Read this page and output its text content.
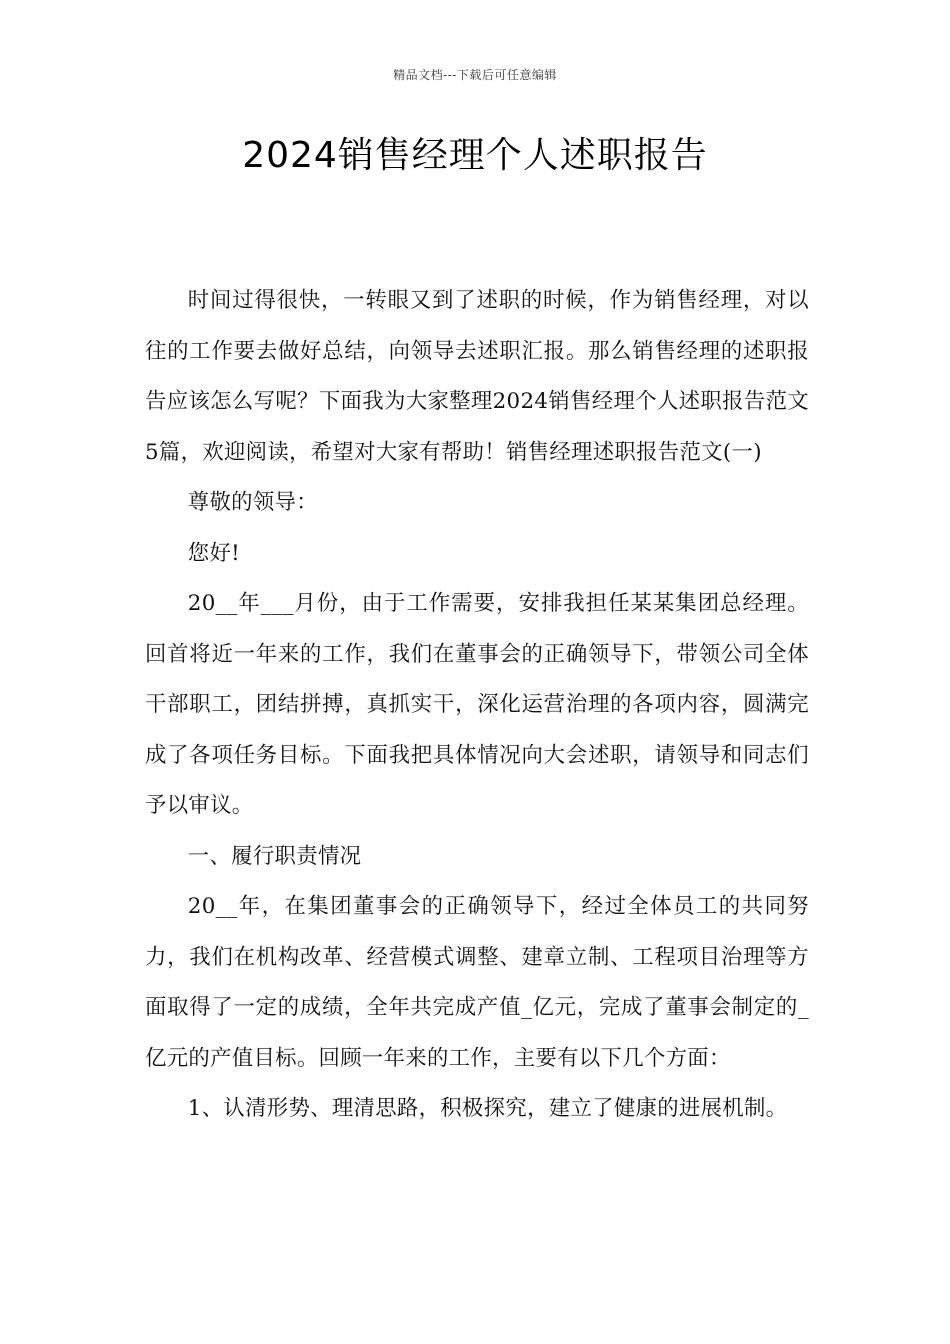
精品文档---下载后可任意编辑
2024销售经理个人述职报告

时间过得很快，一转眼又到了述职的时候，作为销售经理，对以往的工作要去做好总结，向领导去述职汇报。那么销售经理的述职报告应该怎么写呢？下面我为大家整理2024销售经理个人述职报告范文5篇，欢迎阅读，希望对大家有帮助！销售经理述职报告范文(一)

尊敬的领导：

您好!

20__年___月份，由于工作需要，安排我担任某某集团总经理。回首将近一年来的工作，我们在董事会的正确领导下，带领公司全体干部职工，团结拼搏，真抓实干，深化运营治理的各项内容，圆满完成了各项任务目标。下面我把具体情况向大会述职，请领导和同志们予以审议。

一、履行职责情况

20__年，在集团董事会的正确领导下，经过全体员工的共同努力，我们在机构改革、经营模式调整、建章立制、工程项目治理等方面取得了一定的成绩，全年共完成产值_亿元，完成了董事会制定的_亿元的产值目标。回顾一年来的工作，主要有以下几个方面：

1、认清形势、理清思路，积极探究，建立了健康的进展机制。
